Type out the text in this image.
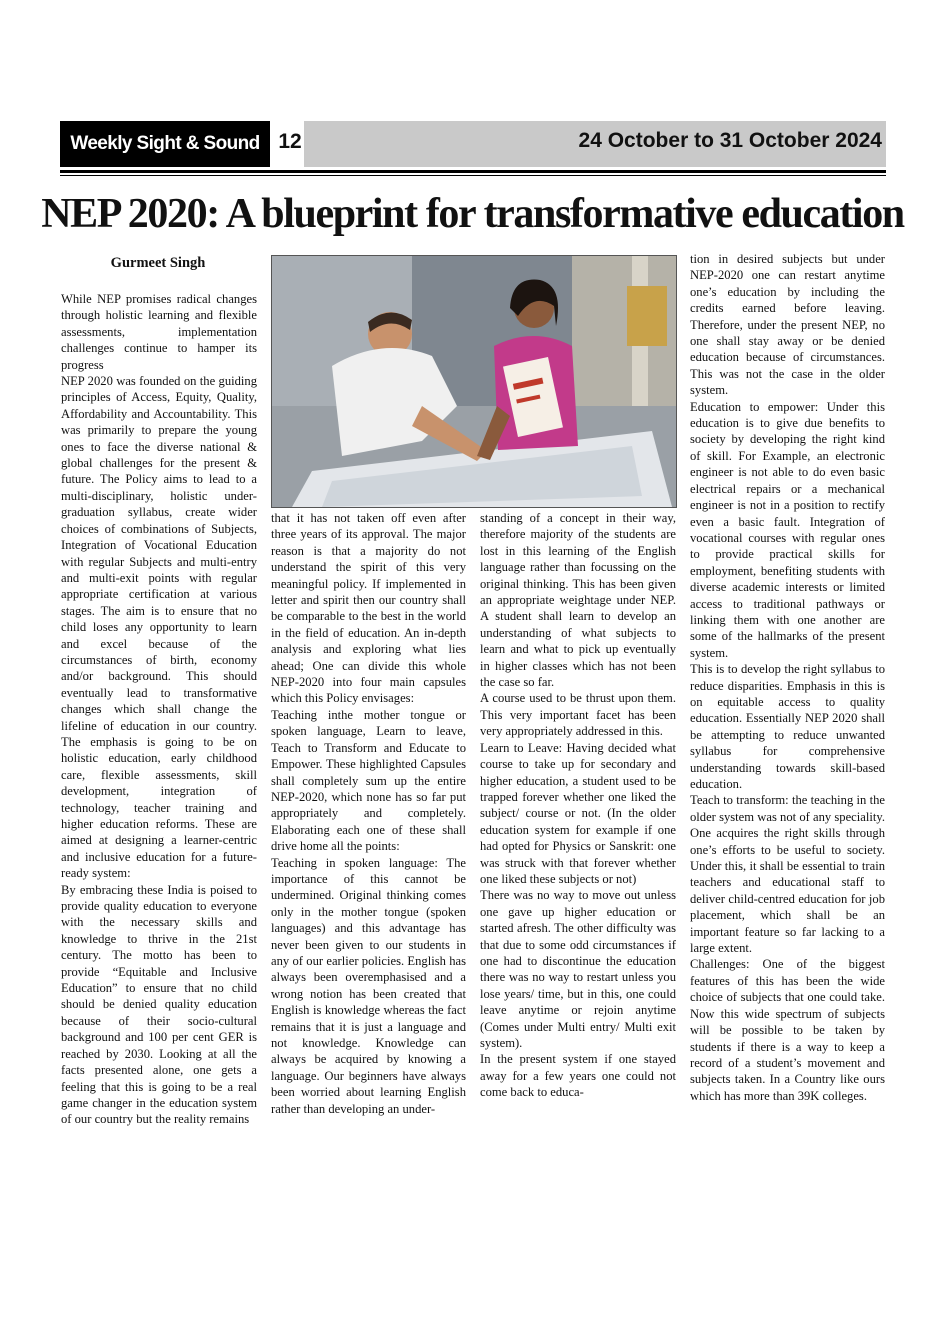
Weekly Sight & Sound 12	24 October to 31 October 2024
NEP 2020: A blueprint for transformative education
Gurmeet Singh

While NEP promises radical changes through holistic learning and flexible assessments, implementation challenges continue to hamper its progress

NEP 2020 was founded on the guiding principles of Access, Equity, Quality, Affordability and Accountability. This was primarily to prepare the young ones to face the diverse national & global challenges for the present & future. The Policy aims to lead to a multi-disciplinary, holistic under-graduation syllabus, create wider choices of combinations of Subjects, Integration of Vocational Education with regular Subjects and multi-entry and multi-exit points with regular appropriate certification at various stages. The aim is to ensure that no child loses any opportunity to learn and excel because of the circumstances of birth, economy and/or background. This should eventually lead to transformative changes which shall change the lifeline of education in our country. The emphasis is going to be on holistic education, early childhood care, flexible assessments, skill development, integration of technology, teacher training and higher education reforms. These are aimed at designing a learner-centric and inclusive education for a future-ready system:

By embracing these India is poised to provide quality education to everyone with the necessary skills and knowledge to thrive in the 21st century. The motto has been to provide “Equitable and Inclusive Education” to ensure that no child should be denied quality education because of their socio-cultural background and 100 per cent GER is reached by 2030. Looking at all the facts presented alone, one gets a feeling that this is going to be a real game changer in the education system of our country but the reality remains

that it has not taken off even after three years of its approval. The major reason is that a majority do not understand the spirit of this very meaningful policy. If implemented in letter and spirit then our country shall be comparable to the best in the world in the field of education. An in-depth analysis and exploring what lies ahead; One can divide this whole NEP-2020 into four main capsules which this Policy envisages:

Teaching inthe mother tongue or spoken language, Learn to leave, Teach to Transform and Educate to Empower. These highlighted Capsules shall completely sum up the entire NEP-2020, which none has so far put appropriately and completely. Elaborating each one of these shall drive home all the points:

Teaching in spoken language: The importance of this cannot be undermined. Original thinking comes only in the mother tongue (spoken languages) and this advantage has never been given to our students in any of our earlier policies. English has always been overemphasised and a wrong notion has been created that English is knowledge whereas the fact remains that it is just a language and not knowledge. Knowledge can always be acquired by knowing a language. Our beginners have always been worried about learning English rather than developing an under-

standing of a concept in their way, therefore majority of the students are lost in this learning of the English language rather than focussing on the original thinking. This has been given an appropriate weightage under NEP. A student shall learn to develop an understanding of what subjects to learn and what to pick up eventually in higher classes which has not been the case so far.

A course used to be thrust upon them. This very important facet has been very appropriately addressed in this.

Learn to Leave: Having decided what course to take up for secondary and higher education, a student used to be trapped forever whether one liked the subject/ course or not. (In the older education system for example if one had opted for Physics or Sanskrit: one was struck with that forever whether one liked these subjects or not)

There was no way to move out unless one gave up higher education or started afresh. The other difficulty was that due to some odd circumstances if one had to discontinue the education there was no way to restart unless you lose years/ time, but in this, one could leave anytime or rejoin anytime (Comes under Multi entry/ Multi exit system).

In the present system if one stayed away for a few years one could not come back to educa-

tion in desired subjects but under NEP-2020 one can restart anytime one’s education by including the credits earned before leaving. Therefore, under the present NEP, no one shall stay away or be denied education because of circumstances. This was not the case in the older system.

Education to empower: Under this education is to give due benefits to society by developing the right kind of skill. For Example, an electronic engineer is not able to do even basic electrical repairs or a mechanical engineer is not in a position to rectify even a basic fault. Integration of vocational courses with regular ones to provide practical skills for employment, benefiting students with diverse academic interests or limited access to traditional pathways or linking them with one another are some of the hallmarks of the present system.

This is to develop the right syllabus to reduce disparities. Emphasis in this is on equitable access to quality education. Essentially NEP 2020 shall be attempting to reduce unwanted syllabus for comprehensive understanding towards skill-based education.

Teach to transform: the teaching in the older system was not of any speciality. One acquires the right skills through one’s efforts to be useful to society. Under this, it shall be essential to train teachers and educational staff to deliver child-centred education for job placement, which shall be an important feature so far lacking to a large extent.

Challenges: One of the biggest features of this has been the wide choice of subjects that one could take. Now this wide spectrum of subjects will be possible to be taken by students if there is a way to keep a record of a student’s movement and subjects taken. In a Country like ours which has more than 39K colleges.
